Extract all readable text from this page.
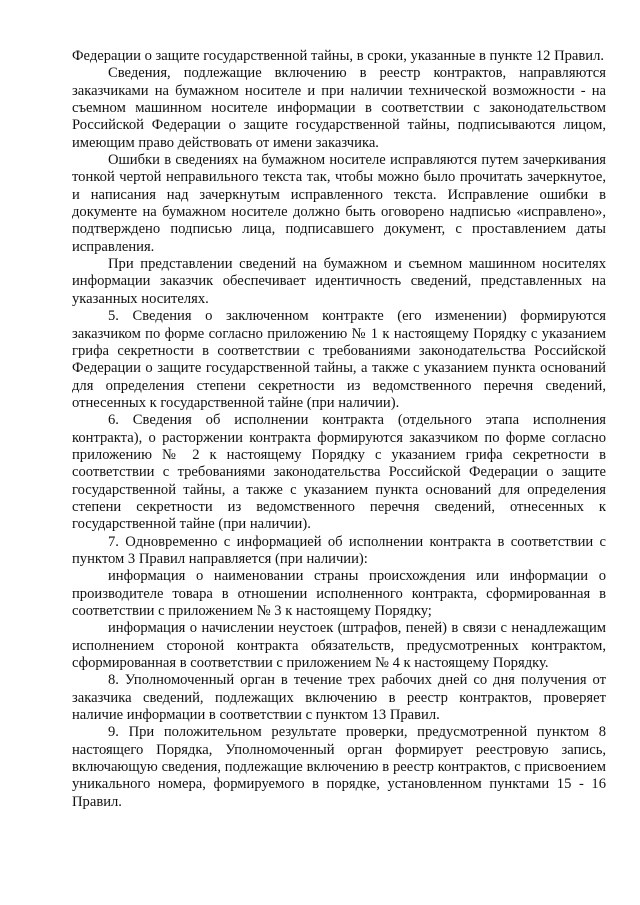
Федерации о защите государственной тайны, в сроки, указанные в пункте 12 Правил.

Сведения, подлежащие включению в реестр контрактов, направляются заказчиками на бумажном носителе и при наличии технической возможности - на съемном машинном носителе информации в соответствии с законодательством Российской Федерации о защите государственной тайны, подписываются лицом, имеющим право действовать от имени заказчика.

Ошибки в сведениях на бумажном носителе исправляются путем зачеркивания тонкой чертой неправильного текста так, чтобы можно было прочитать зачеркнутое, и написания над зачеркнутым исправленного текста. Исправление ошибки в документе на бумажном носителе должно быть оговорено надписью «исправлено», подтверждено подписью лица, подписавшего документ, с проставлением даты исправления.

При представлении сведений на бумажном и съемном машинном носителях информации заказчик обеспечивает идентичность сведений, представленных на указанных носителях.

5. Сведения о заключенном контракте (его изменении) формируются заказчиком по форме согласно приложению № 1 к настоящему Порядку с указанием грифа секретности в соответствии с требованиями законодательства Российской Федерации о защите государственной тайны, а также с указанием пункта оснований для определения степени секретности из ведомственного перечня сведений, отнесенных к государственной тайне (при наличии).

6. Сведения об исполнении контракта (отдельного этапа исполнения контракта), о расторжении контракта формируются заказчиком по форме согласно приложению № 2 к настоящему Порядку с указанием грифа секретности в соответствии с требованиями законодательства Российской Федерации о защите государственной тайны, а также с указанием пункта оснований для определения степени секретности из ведомственного перечня сведений, отнесенных к государственной тайне (при наличии).

7. Одновременно с информацией об исполнении контракта в соответствии с пунктом 3 Правил направляется (при наличии):

информация о наименовании страны происхождения или информации о производителе товара в отношении исполненного контракта, сформированная в соответствии с приложением № 3 к настоящему Порядку;

информация о начислении неустоек (штрафов, пеней) в связи с ненадлежащим исполнением стороной контракта обязательств, предусмотренных контрактом, сформированная в соответствии с приложением № 4 к настоящему Порядку.

8. Уполномоченный орган в течение трех рабочих дней со дня получения от заказчика сведений, подлежащих включению в реестр контрактов, проверяет наличие информации в соответствии с пунктом 13 Правил.

9. При положительном результате проверки, предусмотренной пунктом 8 настоящего Порядка, Уполномоченный орган формирует реестровую запись, включающую сведения, подлежащие включению в реестр контрактов, с присвоением уникального номера, формируемого в порядке, установленном пунктами 15 - 16 Правил.
